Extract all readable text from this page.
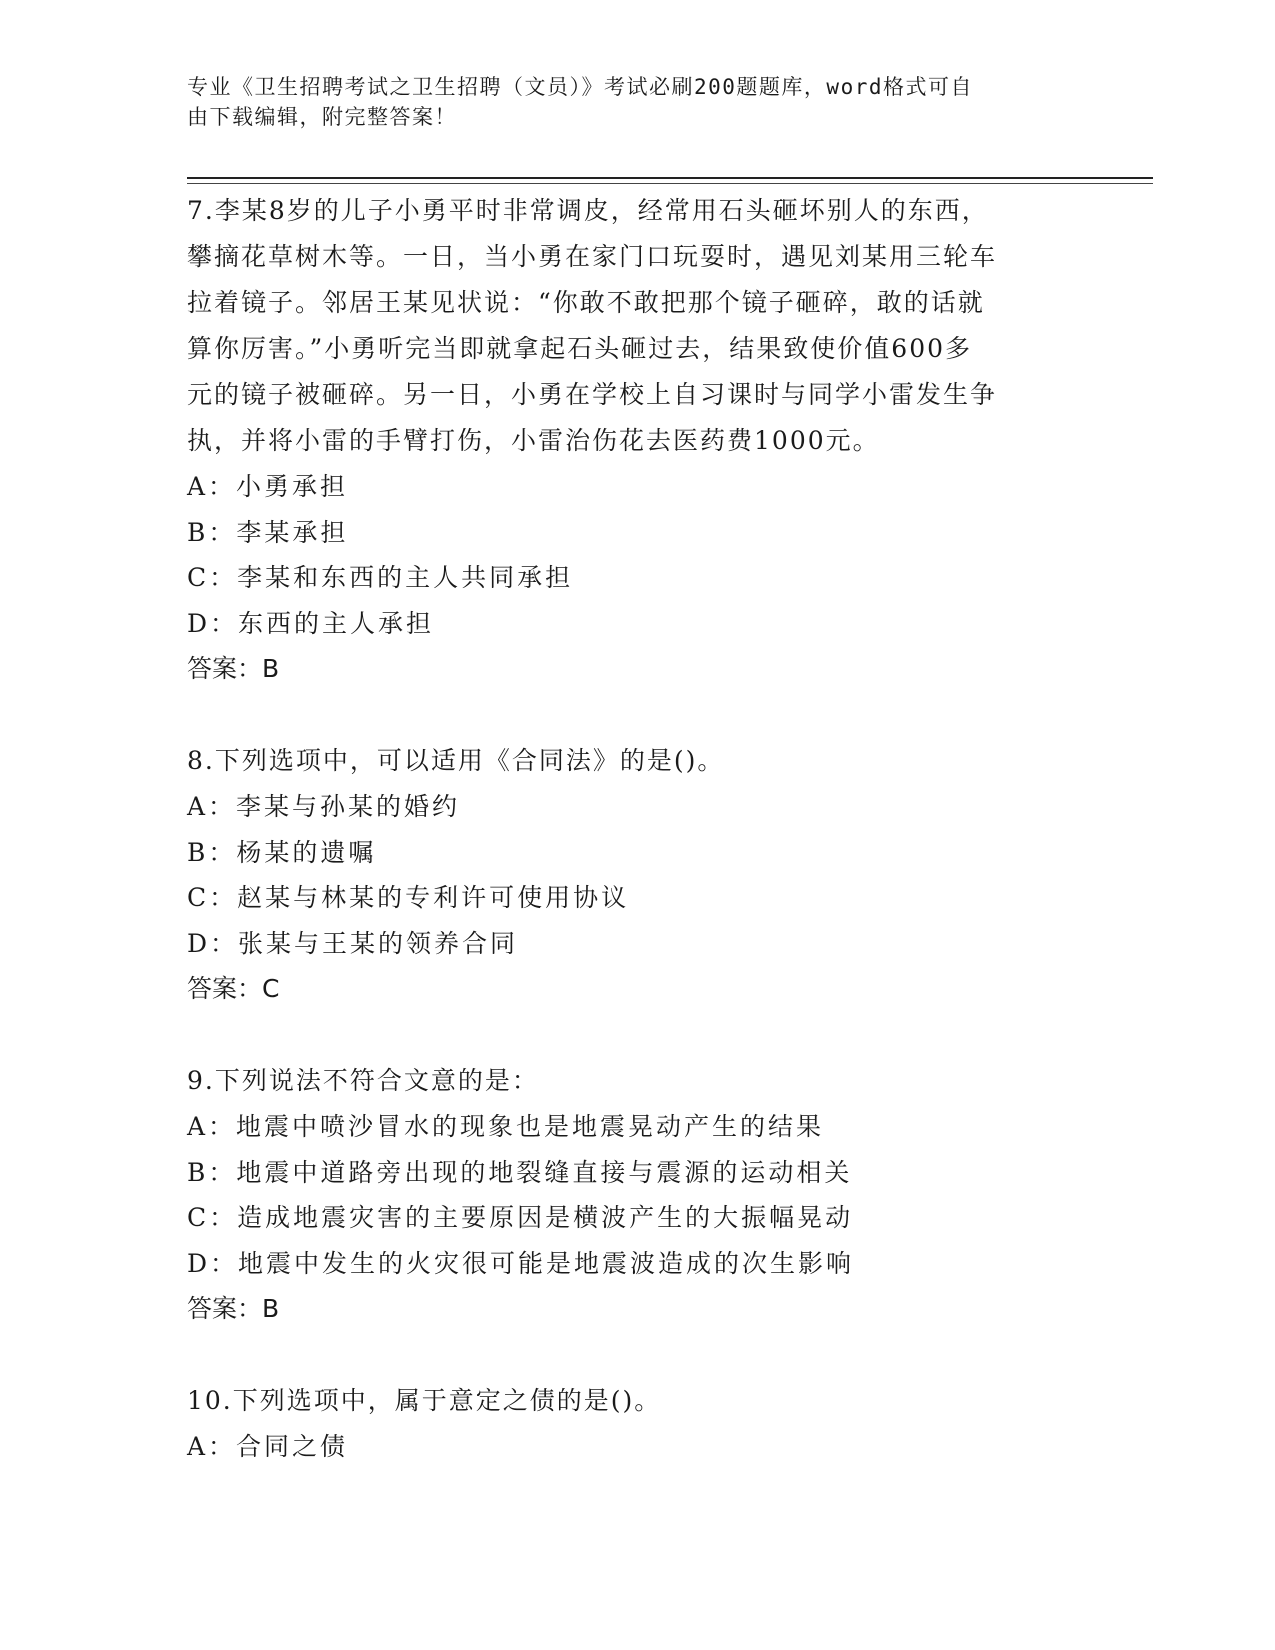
专业《卫生招聘考试之卫生招聘（文员）》考试必刷200题题库，word格式可自
由下载编辑，附完整答案！
7.李某8岁的儿子小勇平时非常调皮，经常用石头砸坏别人的东西，
攀摘花草树木等。一日，当小勇在家门口玩耍时，遇见刘某用三轮车
拉着镜子。邻居王某见状说：“你敢不敢把那个镜子砸碎，敢的话就
算你厉害。”小勇听完当即就拿起石头砸过去，结果致使价值600多
元的镜子被砸碎。另一日，小勇在学校上自习课时与同学小雷发生争
执，并将小雷的手臂打伤，小雷治伤花去医药费1000元。
A：小勇承担
B：李某承担
C：李某和东西的主人共同承担
D：东西的主人承担
答案：B
8.下列选项中，可以适用《合同法》的是()。
A：李某与孙某的婚约
B：杨某的遗嘱
C：赵某与林某的专利许可使用协议
D：张某与王某的领养合同
答案：C
9.下列说法不符合文意的是：
A：地震中喷沙冒水的现象也是地震晃动产生的结果
B：地震中道路旁出现的地裂缝直接与震源的运动相关
C：造成地震灾害的主要原因是横波产生的大振幅晃动
D：地震中发生的火灾很可能是地震波造成的次生影响
答案：B
10.下列选项中，属于意定之债的是()。
A：合同之债
